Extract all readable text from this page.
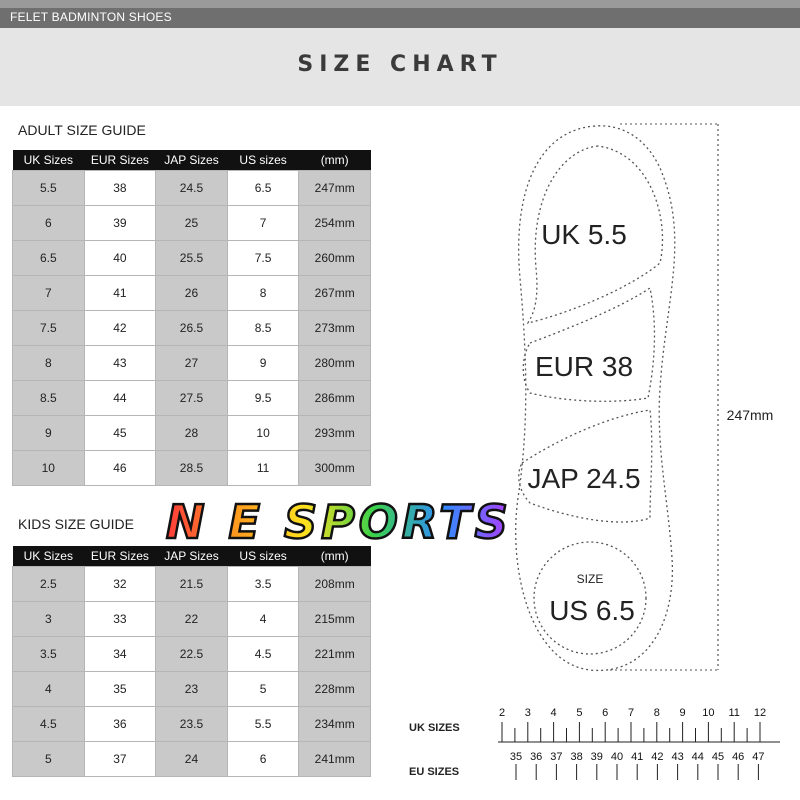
FELET BADMINTON SHOES
SIZE CHART
ADULT SIZE GUIDE
UK Sizes	EUR Sizes	JAP Sizes	US sizes	(mm)
5.5	38	24.5	6.5	247mm
6	39	25	7	254mm
6.5	40	25.5	7.5	260mm
7	41	26	8	267mm
7.5	42	26.5	8.5	273mm
8	43	27	9	280mm
8.5	44	27.5	9.5	286mm
9	45	28	10	293mm
10	46	28.5	11	300mm
KIDS SIZE GUIDE
UK Sizes	EUR Sizes	JAP Sizes	US sizes	(mm)
2.5	32	21.5	3.5	208mm
3	33	22	4	215mm
3.5	34	22.5	4.5	221mm
4	35	23	5	228mm
4.5	36	23.5	5.5	234mm
5	37	24	6	241mm
N E SPORTS
UK 5.5
EUR 38
JAP 24.5
SIZE
US 6.5
247mm
UK SIZES
EU SIZES
2 3 4 5 6 7 8 9 10 11 12
35 36 37 38 39 40 41 42 43 44 45 46 47
